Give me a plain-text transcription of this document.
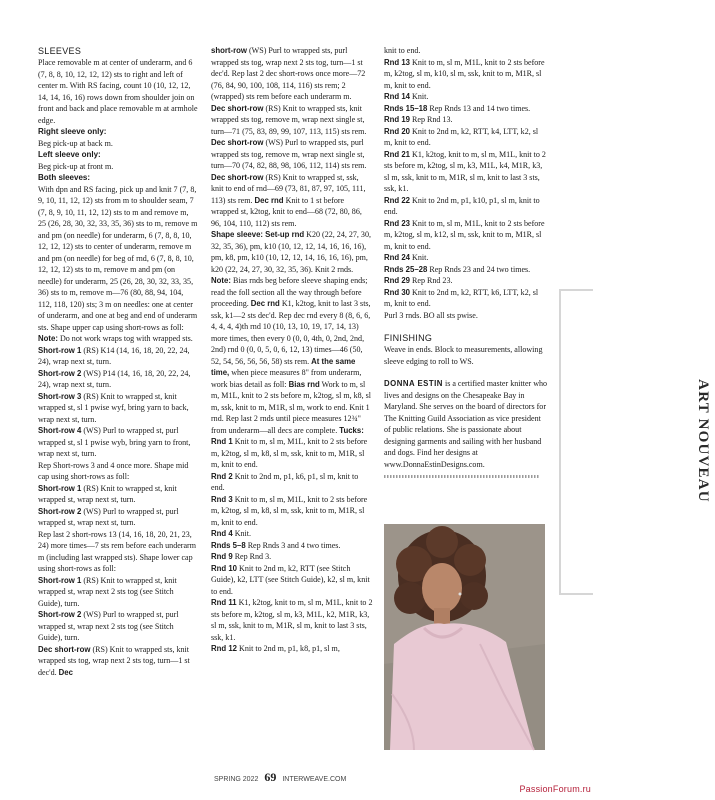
SLEEVES

Place removable m at center of underarm, and 6 (7, 8, 8, 10, 12, 12, 12) sts to right and left of center m. With RS facing, count 10 (10, 12, 12, 14, 14, 16, 16) rows down from shoulder join on front and back and place removable m at armhole edge.

Right sleeve only:

Beg pick-up at back m.

Left sleeve only:

Beg pick-up at front m.

Both sleeves:

With dpn and RS facing, pick up and knit 7 (7, 8, 9, 10, 11, 12, 12) sts from m to shoulder seam, 7 (7, 8, 9, 10, 11, 12, 12) sts to m and remove m, 25 (26, 28, 30, 32, 33, 35, 36) sts to m, remove m and pm (on needle) for underarm, 6 (7, 8, 8, 10, 12, 12, 12) sts to center of underarm, remove m and pm (on needle) for beg of rnd, 6 (7, 8, 8, 10, 12, 12, 12) sts to m, remove m and pm (on needle) for underarm, 25 (26, 28, 30, 32, 33, 35, 36) sts to m, remove m—76 (80, 88, 94, 104, 112, 118, 120) sts; 3 m on needles: one at center of underarm, and one at beg and end of underarm sts. Shape upper cap using short-rows as foll: Note: Do not work wraps tog with wrapped sts.

Short-row 1 (RS) K14 (14, 16, 18, 20, 22, 24, 24), wrap next st, turn.

Short-row 2 (WS) P14 (14, 16, 18, 20, 22, 24, 24), wrap next st, turn.

Short-row 3 (RS) Knit to wrapped st, knit wrapped st, sl 1 pwise wyf, bring yarn to back, wrap next st, turn.

Short-row 4 (WS) Purl to wrapped st, purl wrapped st, sl 1 pwise wyb, bring yarn to front, wrap next st, turn.

Rep Short-rows 3 and 4 once more. Shape mid cap using short-rows as foll:

Short-row 1 (RS) Knit to wrapped st, knit wrapped st, wrap next st, turn.

Short-row 2 (WS) Purl to wrapped st, purl wrapped st, wrap next st, turn.

Rep last 2 short-rows 13 (14, 16, 18, 20, 21, 23, 24) more times—7 sts rem before each underarm m (including last wrapped sts). Shape lower cap using short-rows as foll:

Short-row 1 (RS) Knit to wrapped st, knit wrapped st, wrap next 2 sts tog (see Stitch Guide), turn.

Short-row 2 (WS) Purl to wrapped st, purl wrapped st, wrap next 2 sts tog (see Stitch Guide), turn.

Dec short-row (RS) Knit to wrapped sts, knit wrapped sts tog, wrap next 2 sts tog, turn—1 st dec'd. Dec

short-row (WS) Purl to wrapped sts, purl wrapped sts tog, wrap next 2 sts tog, turn—1 st dec'd. Rep last 2 dec short-rows once more—72 (76, 84, 90, 100, 108, 114, 116) sts rem; 2 (wrapped) sts rem before each underarm m.

Dec short-row (RS) Knit to wrapped sts, knit wrapped sts tog, remove m, wrap next single st, turn—71 (75, 83, 89, 99, 107, 113, 115) sts rem. Dec short-row (WS) Purl to wrapped sts, purl wrapped sts tog, remove m, wrap next single st, turn—70 (74, 82, 88, 98, 106, 112, 114) sts rem. Dec short-row (RS) Knit to wrapped st, ssk, knit to end of rnd—69 (73, 81, 87, 97, 105, 111, 113) sts rem. Dec rnd Knit to 1 st before wrapped st, k2tog, knit to end—68 (72, 80, 86, 96, 104, 110, 112) sts rem.

Shape sleeve: Set-up rnd K20 (22, 24, 27, 30, 32, 35, 36), pm, k10 (10, 12, 12, 14, 16, 16, 16), pm, k8, pm, k10 (10, 12, 12, 14, 16, 16, 16), pm, k20 (22, 24, 27, 30, 32, 35, 36). Knit 2 rnds. Note: Bias rnds beg before sleeve shaping ends; read the foll section all the way through before proceeding. Dec rnd K1, k2tog, knit to last 3 sts, ssk, k1—2 sts dec'd. Rep dec rnd every 8 (8, 6, 6, 4, 4, 4, 4)th rnd 10 (10, 13, 10, 19, 17, 14, 13) more times, then every 0 (0, 0, 4th, 0, 2nd, 2nd, 2nd) rnd 0 (0, 0, 5, 0, 6, 12, 13) times—46 (50, 52, 54, 56, 56, 56, 58) sts rem. At the same time, when piece measures 8" from underarm, work bias detail as foll: Bias rnd Work to m, sl m, M1L, knit to 2 sts before m, k2tog, sl m, k8, sl m, ssk, knit to m, M1R, sl m, work to end. Knit 1 rnd. Rep last 2 rnds until piece measures 12¾" from underarm—all decs are complete. Tucks:

Rnd 1 Knit to m, sl m, M1L, knit to 2 sts before m, k2tog, sl m, k8, sl m, ssk, knit to m, M1R, sl m, knit to end.

Rnd 2 Knit to 2nd m, p1, k6, p1, sl m, knit to end.

Rnd 3 Knit to m, sl m, M1L, knit to 2 sts before m, k2tog, sl m, k8, sl m, ssk, knit to m, M1R, sl m, knit to end.

Rnd 4 Knit.

Rnds 5–8 Rep Rnds 3 and 4 two times.

Rnd 9 Rep Rnd 3.

Rnd 10 Knit to 2nd m, k2, RTT (see Stitch Guide), k2, LTT (see Stitch Guide), k2, sl m, knit to end.

Rnd 11 K1, k2tog, knit to m, sl m, M1L, knit to 2 sts before m, k2tog, sl m, k3, M1L, k2, M1R, k3, sl m, ssk, knit to m, M1R, sl m, knit to last 3 sts, ssk, k1.

Rnd 12 Knit to 2nd m, p1, k8, p1, sl m,

knit to end.

Rnd 13 Knit to m, sl m, M1L, knit to 2 sts before m, k2tog, sl m, k10, sl m, ssk, knit to m, M1R, sl m, knit to end.

Rnd 14 Knit.

Rnds 15–18 Rep Rnds 13 and 14 two times.

Rnd 19 Rep Rnd 13.

Rnd 20 Knit to 2nd m, k2, RTT, k4, LTT, k2, sl m, knit to end.

Rnd 21 K1, k2tog, knit to m, sl m, M1L, knit to 2 sts before m, k2tog, sl m, k3, M1L, k4, M1R, k3, sl m, ssk, knit to m, M1R, sl m, knit to last 3 sts, ssk, k1.

Rnd 22 Knit to 2nd m, p1, k10, p1, sl m, knit to end.

Rnd 23 Knit to m, sl m, M1L, knit to 2 sts before m, k2tog, sl m, k12, sl m, ssk, knit to m, M1R, sl m, knit to end.

Rnd 24 Knit.

Rnds 25–28 Rep Rnds 23 and 24 two times.

Rnd 29 Rep Rnd 23.

Rnd 30 Knit to 2nd m, k2, RTT, k6, LTT, k2, sl m, knit to end.

Purl 3 rnds. BO all sts pwise.

FINISHING

Weave in ends. Block to measurements, allowing sleeve edging to roll to WS.

DONNA ESTIN is a certified master knitter who lives and designs on the Chesapeake Bay in Maryland. She serves on the board of directors for The Knitting Guild Association as vice president of public relations. She is passionate about designing garments and sailing with her husband and dogs. Find her designs at www.DonnaEstinDesigns.com.	ART NOUVEAU
SPRING 2022 69 INTERWEAVE.COM
PassionForum.ru
